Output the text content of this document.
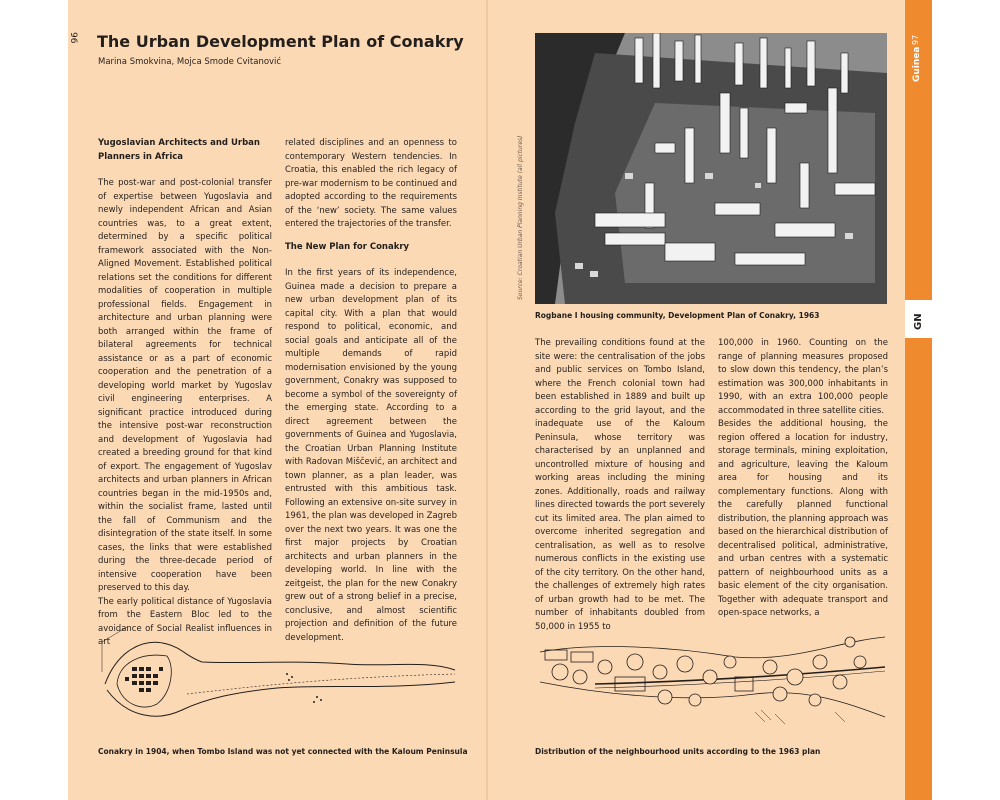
96	97
Guinea
GN
The Urban Development Plan of Conakry
Marina Smokvina, Mojca Smode Cvitanović
Yugoslavian Architects and Urban Planners in Africa

The post-war and post-colonial transfer of expertise between Yugoslavia and newly independent African and Asian countries was, to a great extent, determined by a specific political framework associated with the Non-Aligned Movement. Established political relations set the conditions for different modalities of cooperation in multiple professional fields. Engagement in architecture and urban planning were both arranged within the frame of bilateral agreements for technical assistance or as a part of economic cooperation and the penetration of a developing world market by Yugoslav civil engineering enterprises. A significant practice introduced during the intensive post-war reconstruction and development of Yugoslavia had created a breeding ground for that kind of export. The engagement of Yugoslav architects and urban planners in African countries began in the mid-1950s and, within the socialist frame, lasted until the fall of Communism and the disintegration of the state itself. In some cases, the links that were established during the three-decade period of intensive cooperation have been preserved to this day.

The early political distance of Yugoslavia from the Eastern Bloc led to the avoidance of Social Realist influences in art

related disciplines and an openness to contemporary Western tendencies. In Croatia, this enabled the rich legacy of pre-war modernism to be continued and adopted according to the requirements of the ‘new’ society. The same values entered the trajectories of the transfer.

The New Plan for Conakry

In the first years of its independence, Guinea made a decision to prepare a new urban development plan of its capital city. With a plan that would respond to political, economic, and social goals and anticipate all of the multiple demands of rapid modernisation envisioned by the young government, Conakry was supposed to become a symbol of the sovereignty of the emerging state. According to a direct agreement between the governments of Guinea and Yugoslavia, the Croatian Urban Planning Institute with Radovan Miščević, an architect and town planner, as a plan leader, was entrusted with this ambitious task. Following an extensive on-site survey in 1961, the plan was developed in Zagreb over the next two years. It was one the first major projects by Croatian architects and urban planners in the developing world. In line with the zeitgeist, the plan for the new Conakry grew out of a strong belief in a precise, conclusive, and almost scientific projection and definition of the future development.

Source: Croatian Urban Planning Institute (all pictures)
Rogbane I housing community, Development Plan of Conakry, 1963

The prevailing conditions found at the site were: the centralisation of the jobs and public services on Tombo Island, where the French colonial town had been established in 1889 and built up according to the grid layout, and the inadequate use of the Kaloum Peninsula, whose territory was characterised by an unplanned and uncontrolled mixture of housing and working areas including the mining zones. Additionally, roads and railway lines directed towards the port severely cut its limited area. The plan aimed to overcome inherited segregation and centralisation, as well as to resolve numerous conflicts in the existing use of the city territory. On the other hand, the challenges of extremely high rates of urban growth had to be met. The number of inhabitants doubled from 50,000 in 1955 to

100,000 in 1960. Counting on the range of planning measures proposed to slow down this tendency, the plan’s estimation was 300,000 inhabitants in 1990, with an extra 100,000 people accommodated in three satellite cities.

Besides the additional housing, the region offered a location for industry, storage terminals, mining exploitation, and agriculture, leaving the Kaloum area for housing and its complementary functions. Along with the carefully planned functional distribution, the planning approach was based on the hierarchical distribution of decentralised political, administrative, and urban centres with a systematic pattern of neighbourhood units as a basic element of the city organisation. Together with adequate transport and open-space networks, a

Conakry in 1904, when Tombo Island was not yet connected with the Kaloum Peninsula	Distribution of the neighbourhood units according to the 1963 plan
